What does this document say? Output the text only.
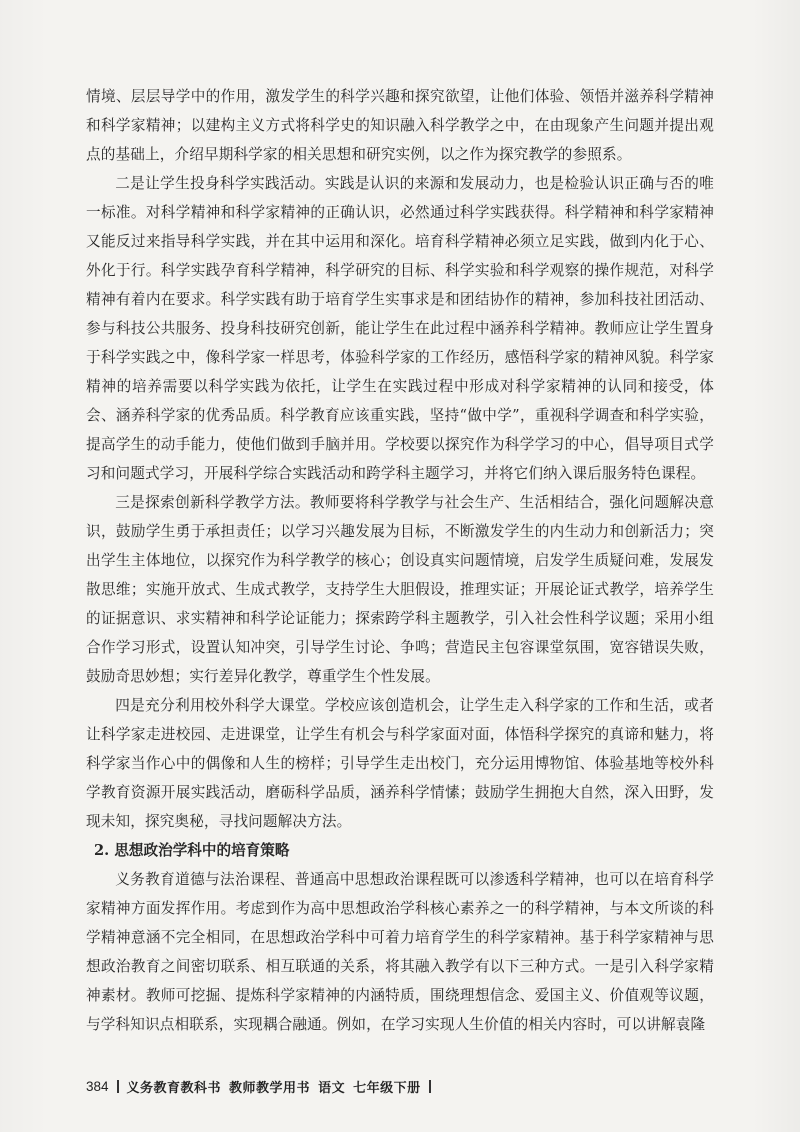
情境、层层导学中的作用，激发学生的科学兴趣和探究欲望，让他们体验、领悟并滋养科学精神和科学家精神；以建构主义方式将科学史的知识融入科学教学之中，在由现象产生问题并提出观点的基础上，介绍早期科学家的相关思想和研究实例，以之作为探究教学的参照系。

二是让学生投身科学实践活动。实践是认识的来源和发展动力，也是检验认识正确与否的唯一标准。对科学精神和科学家精神的正确认识，必然通过科学实践获得。科学精神和科学家精神又能反过来指导科学实践，并在其中运用和深化。培育科学精神必须立足实践，做到内化于心、外化于行。科学实践孕育科学精神，科学研究的目标、科学实验和科学观察的操作规范，对科学精神有着内在要求。科学实践有助于培育学生实事求是和团结协作的精神，参加科技社团活动、参与科技公共服务、投身科技研究创新，能让学生在此过程中涵养科学精神。教师应让学生置身于科学实践之中，像科学家一样思考，体验科学家的工作经历，感悟科学家的精神风貌。科学家精神的培养需要以科学实践为依托，让学生在实践过程中形成对科学家精神的认同和接受，体会、涵养科学家的优秀品质。科学教育应该重实践，坚持“做中学”，重视科学调查和科学实验，提高学生的动手能力，使他们做到手脑并用。学校要以探究作为科学学习的中心，倡导项目式学习和问题式学习，开展科学综合实践活动和跨学科主题学习，并将它们纳入课后服务特色课程。

三是探索创新科学教学方法。教师要将科学教学与社会生产、生活相结合，强化问题解决意识，鼓励学生勇于承担责任；以学习兴趣发展为目标，不断激发学生的内生动力和创新活力；突出学生主体地位，以探究作为科学教学的核心；创设真实问题情境，启发学生质疑问难，发展发散思维；实施开放式、生成式教学，支持学生大胆假设，推理实证；开展论证式教学，培养学生的证据意识、求实精神和科学论证能力；探索跨学科主题教学，引入社会性科学议题；采用小组合作学习形式，设置认知冲突，引导学生讨论、争鸣；营造民主包容课堂氛围，宽容错误失败，鼓励奇思妙想；实行差异化教学，尊重学生个性发展。

四是充分利用校外科学大课堂。学校应该创造机会，让学生走入科学家的工作和生活，或者让科学家走进校园、走进课堂，让学生有机会与科学家面对面，体悟科学探究的真谛和魅力，将科学家当作心中的偶像和人生的榜样；引导学生走出校门，充分运用博物馆、体验基地等校外科学教育资源开展实践活动，磨砺科学品质，涵养科学情愫；鼓励学生拥抱大自然，深入田野，发现未知，探究奥秘，寻找问题解决方法。

2. 思想政治学科中的培育策略

义务教育道德与法治课程、普通高中思想政治课程既可以渗透科学精神，也可以在培育科学家精神方面发挥作用。考虑到作为高中思想政治学科核心素养之一的科学精神，与本文所谈的科学精神意涵不完全相同，在思想政治学科中可着力培育学生的科学家精神。基于科学家精神与思想政治教育之间密切联系、相互联通的关系，将其融入教学有以下三种方式。一是引入科学家精神素材。教师可挖掘、提炼科学家精神的内涵特质，围绕理想信念、爱国主义、价值观等议题，与学科知识点相联系，实现耦合融通。例如，在学习实现人生价值的相关内容时，可以讲解袁隆

384 义务教育教科书 教师教学用书 语文 七年级下册
